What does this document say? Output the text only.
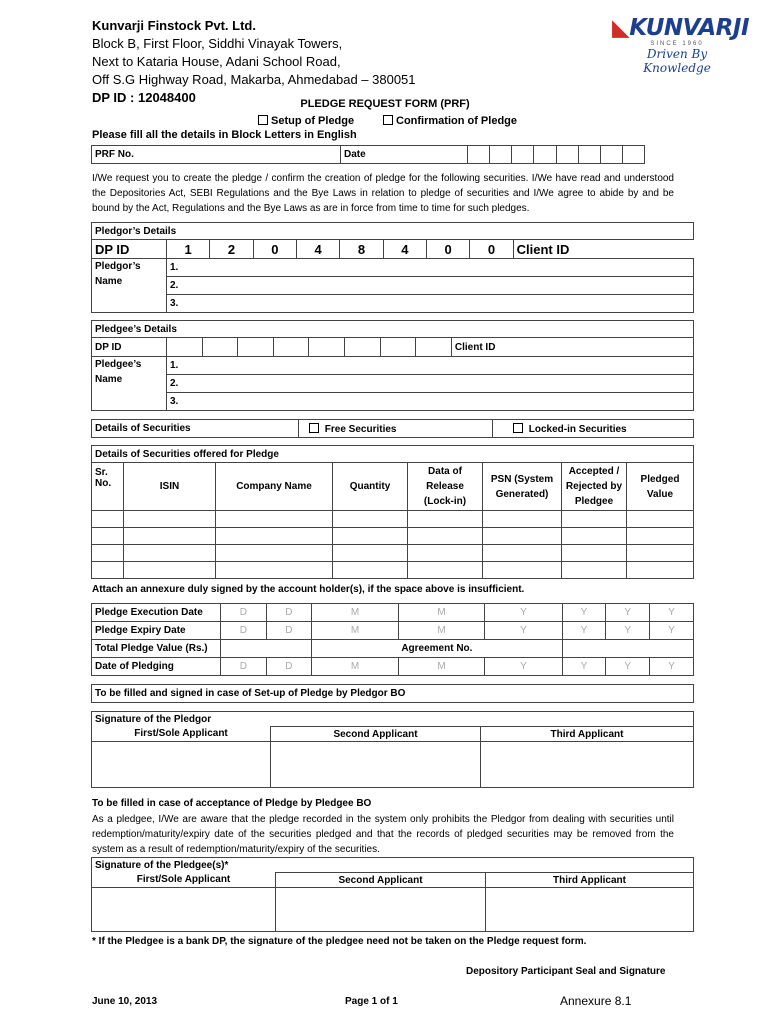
Kunvarji Finstock Pvt. Ltd.
Block B, First Floor, Siddhi Vinayak Towers,
Next to Kataria House, Adani School Road,
Off S.G Highway Road, Makarba, Ahmedabad – 380051
DP ID : 12048400
◣KUNVARJI
SINCE 1960
Driven By Knowledge
PLEDGE REQUEST FORM (PRF)
Setup of Pledge	Confirmation of Pledge
Please fill all the details in Block Letters in English
PRF No.	Date								
I/We request you to create the pledge / confirm the creation of pledge for the following securities. I/We have read and understood the Depositories Act, SEBI Regulations and the Bye Laws in relation to pledge of securities and I/We agree to abide by and be bound by the Act, Regulations and the Bye Laws as are in force from time to time for such pledges.
Pledgor’s Details									
DP ID	1	2	0	4	8	4	0	0	Client ID
Pledgor’s Name	1.								
	2.								
	3.								
Pledgee’s Details									
DP ID									Client ID
Pledgee’s Name	1.								
	2.								
	3.								
Details of Securities	Free Securities	Locked-in Securities
Details of Securities offered for Pledge							
Sr. No.	ISIN	Company Name	Quantity	Data of Release (Lock-in)	PSN (System Generated)	Accepted / Rejected by Pledgee	Pledged Value

Attach an annexure duly signed by the account holder(s), if the space above is insufficient.
Pledge Execution Date	D	D	M	M	Y	Y	Y	Y
Pledge Expiry Date	D	D	M	M	Y	Y	Y	Y
Total Pledge Value (Rs.)			Agreement No.					
Date of Pledging	D	D	M	M	Y	Y	Y	Y
To be filled and signed in case of Set-up of Pledge by Pledgor BO
Signature of the Pledgor		
First/Sole Applicant	Second Applicant	Third Applicant

To be filled in case of acceptance of Pledge by Pledgee BO
As a pledgee, I/We are aware that the pledge recorded in the system only prohibits the Pledgor from dealing with securities until redemption/maturity/expiry date of the securities pledged and that the records of pledged securities may be removed from the system as a result of redemption/maturity/expiry of the securities.
Signature of the Pledgee(s)*		
First/Sole Applicant	Second Applicant	Third Applicant

* If the Pledgee is a bank DP, the signature of the pledgee need not be taken on the Pledge request form.
Depository Participant Seal and Signature
June 10, 2013	Page 1 of 1	Annexure 8.1
